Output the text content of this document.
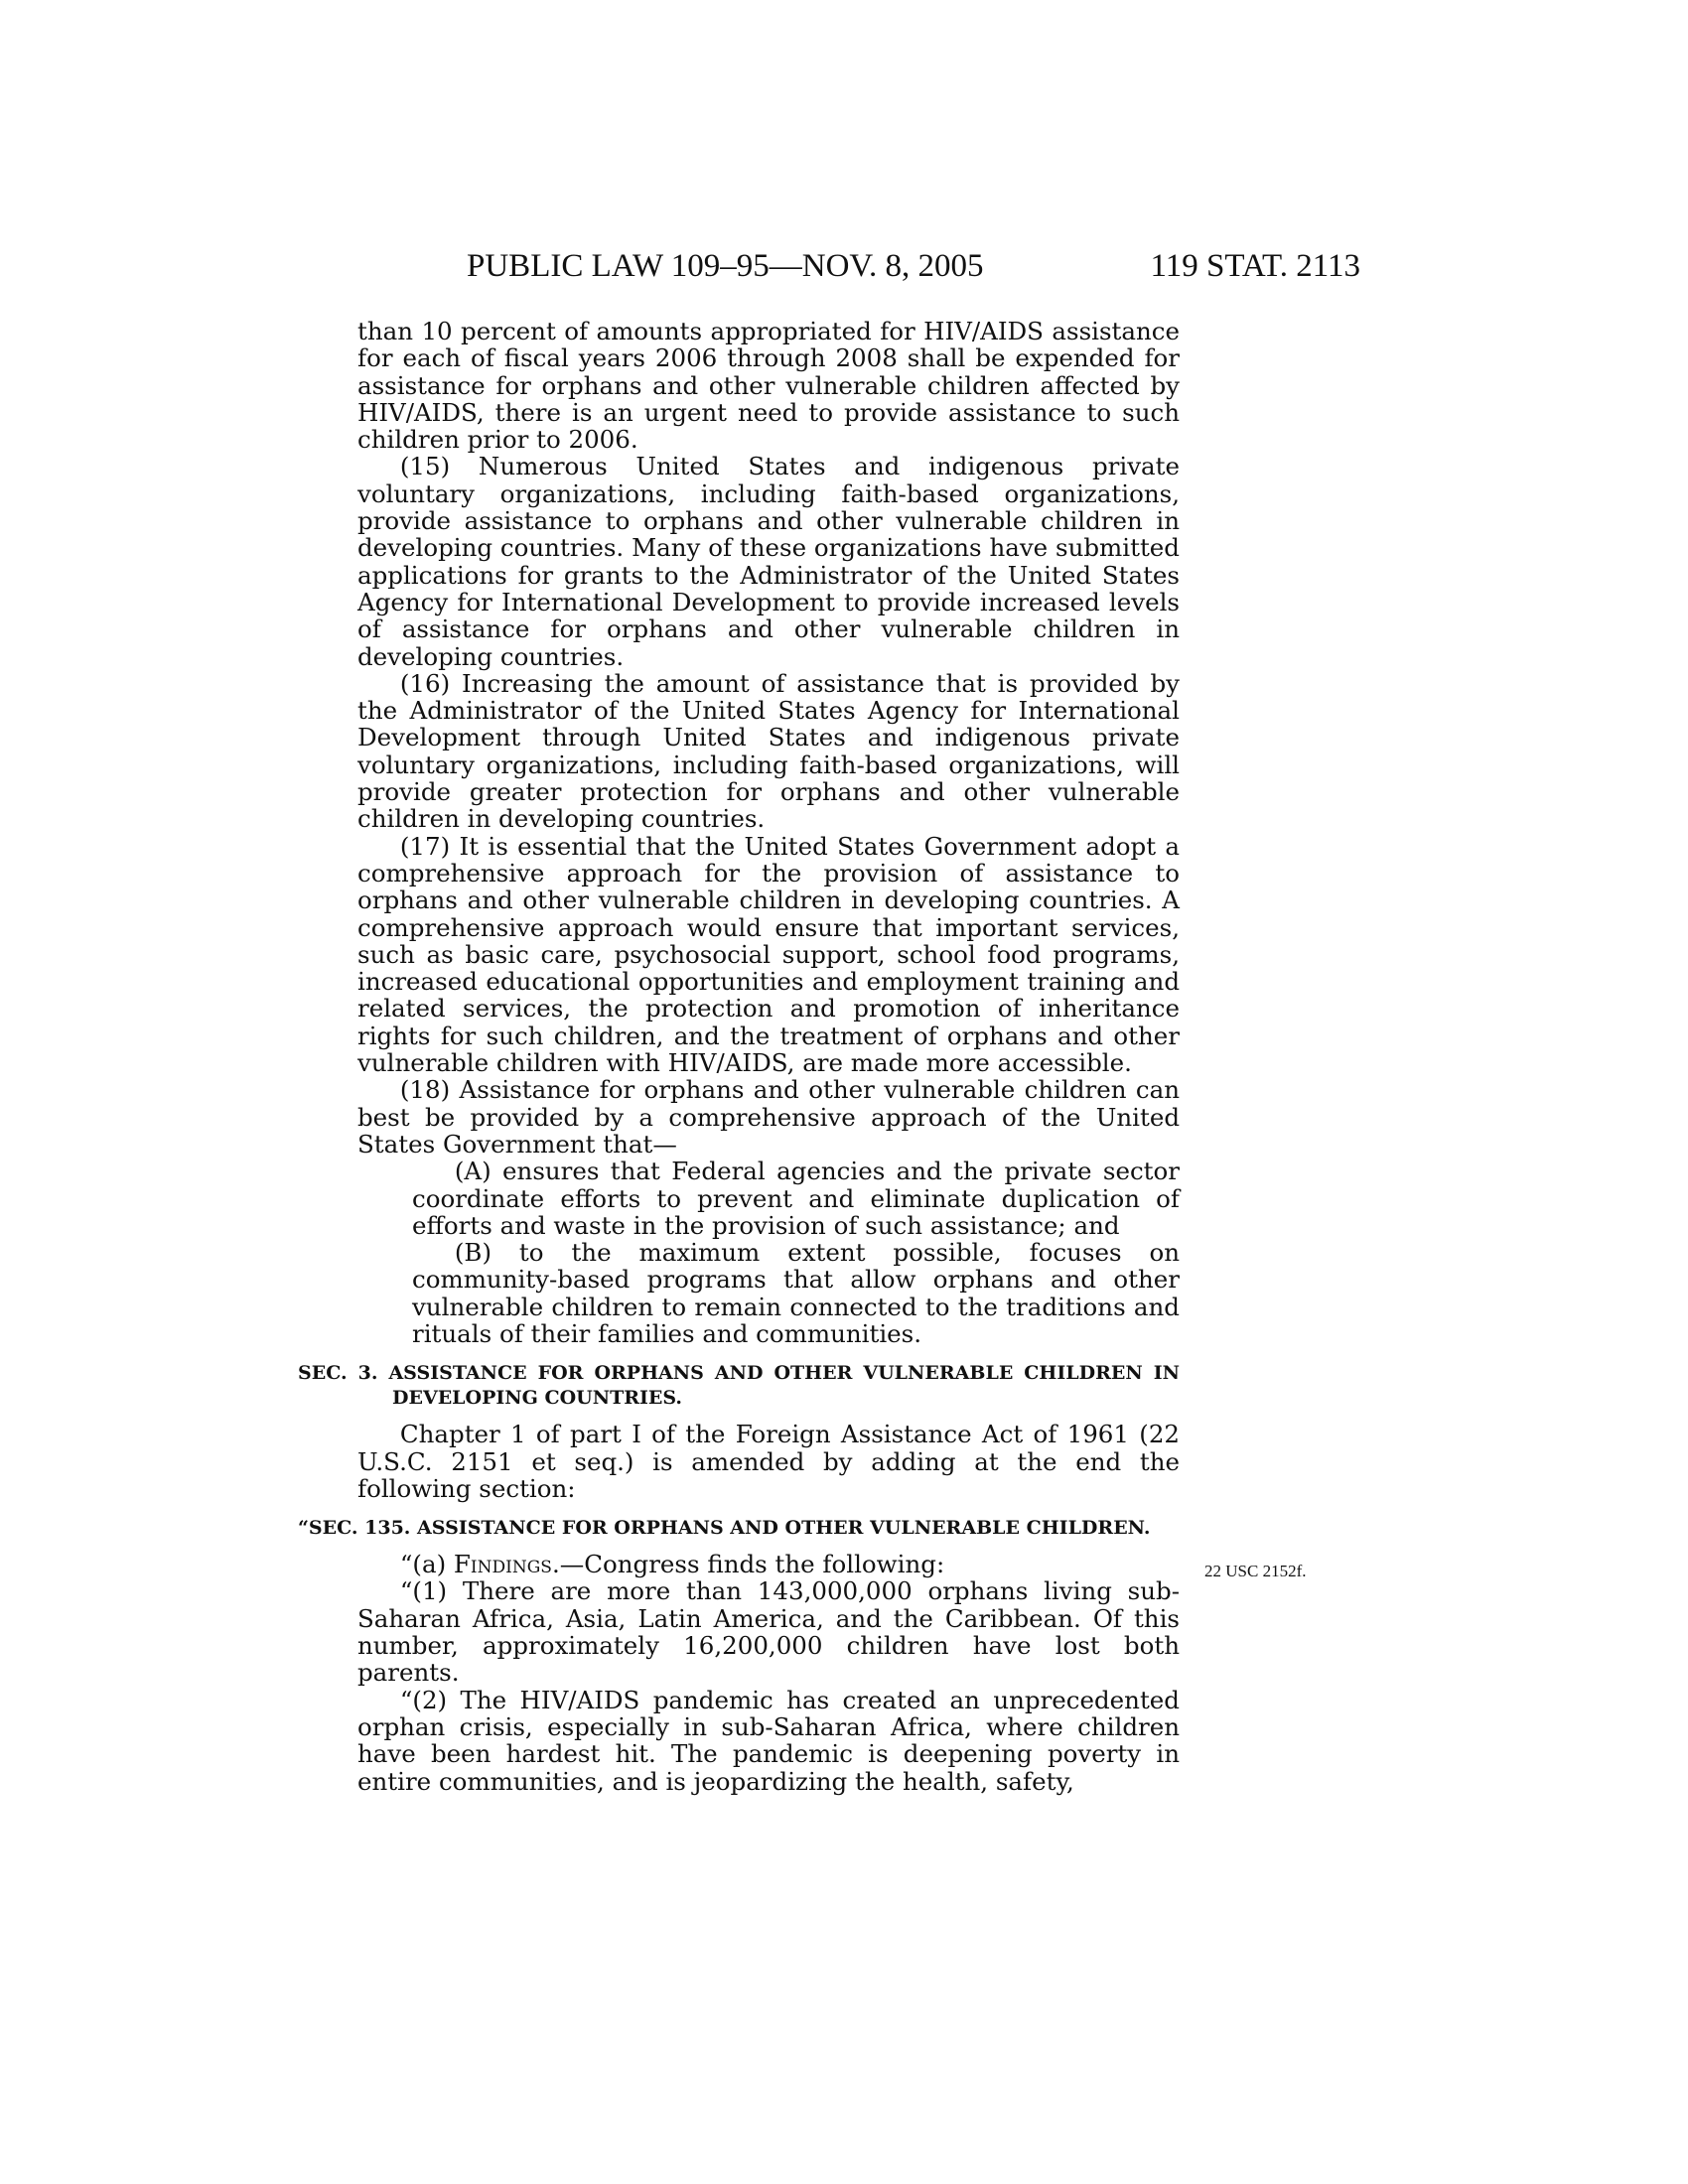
PUBLIC LAW 109–95—NOV. 8, 2005	119 STAT. 2113

than 10 percent of amounts appropriated for HIV/AIDS assistance for each of fiscal years 2006 through 2008 shall be expended for assistance for orphans and other vulnerable children affected by HIV/AIDS, there is an urgent need to provide assistance to such children prior to 2006.

(15) Numerous United States and indigenous private voluntary organizations, including faith-based organizations, provide assistance to orphans and other vulnerable children in developing countries. Many of these organizations have submitted applications for grants to the Administrator of the United States Agency for International Development to provide increased levels of assistance for orphans and other vulnerable children in developing countries.

(16) Increasing the amount of assistance that is provided by the Administrator of the United States Agency for International Development through United States and indigenous private voluntary organizations, including faith-based organizations, will provide greater protection for orphans and other vulnerable children in developing countries.

(17) It is essential that the United States Government adopt a comprehensive approach for the provision of assistance to orphans and other vulnerable children in developing countries. A comprehensive approach would ensure that important services, such as basic care, psychosocial support, school food programs, increased educational opportunities and employment training and related services, the protection and promotion of inheritance rights for such children, and the treatment of orphans and other vulnerable children with HIV/AIDS, are made more accessible.

(18) Assistance for orphans and other vulnerable children can best be provided by a comprehensive approach of the United States Government that—

(A) ensures that Federal agencies and the private sector coordinate efforts to prevent and eliminate duplication of efforts and waste in the provision of such assistance; and

(B) to the maximum extent possible, focuses on community-based programs that allow orphans and other vulnerable children to remain connected to the traditions and rituals of their families and communities.

SEC. 3. ASSISTANCE FOR ORPHANS AND OTHER VULNERABLE CHILDREN IN DEVELOPING COUNTRIES.

Chapter 1 of part I of the Foreign Assistance Act of 1961 (22 U.S.C. 2151 et seq.) is amended by adding at the end the following section:

“SEC. 135. ASSISTANCE FOR ORPHANS AND OTHER VULNERABLE CHILDREN.

“(a) Findings.—Congress finds the following:

“(1) There are more than 143,000,000 orphans living sub-Saharan Africa, Asia, Latin America, and the Caribbean. Of this number, approximately 16,200,000 children have lost both parents.

“(2) The HIV/AIDS pandemic has created an unprecedented orphan crisis, especially in sub-Saharan Africa, where children have been hardest hit. The pandemic is deepening poverty in entire communities, and is jeopardizing the health, safety,

22 USC 2152f.
